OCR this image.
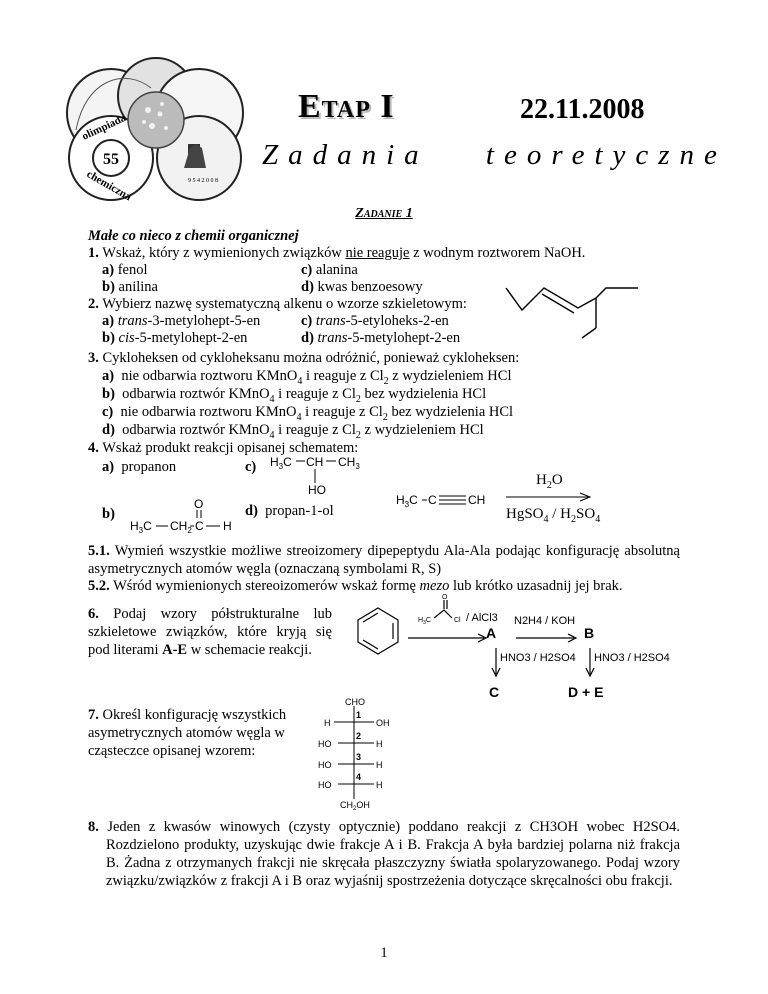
55
olimpiada
chemiczna	9 5 4 2 0 0 8
Etap I	22.11.2008
Zadania teoretyczne
Zadanie 1
Małe co nieco z chemii organicznej
1. Wskaż, który z wymienionych związków nie reaguje z wodnym roztworem NaOH.
a) fenol	c) alanina
b) anilina	d) kwas benzoesowy
2. Wybierz nazwę systematyczną alkenu o wzorze szkieletowym:
a) trans-3-metylohept-5-en	c) trans-5-etyloheks-2-en
b) cis-5-metylohept-2-en	d) trans-5-metylohept-2-en
3. Cykloheksen od cykloheksanu można odróżnić, ponieważ cykloheksen:
a) nie odbarwia roztworu KMnO$_4$ i reaguje z $Cl_2$ z wydzieleniem HCl
b) odbarwia roztwór KMnO$_4$ i reaguje z $Cl_2$ bez wydzielenia HCl
c) nie odbarwia roztworu KMnO$_4$ i reaguje z $Cl_2$ bez wydzielenia HCl
d) odbarwia roztwór KMnO$_4$ i reaguje z $Cl_2$ z wydzieleniem HCl
4. Wskaż produkt reakcji opisanej schematem:
a) propanon	c) $H_3C$ CH $CH_3$
HO
b)
O
$H_3C$ $CH_2$ C H
d) propan-1-ol
$H_3C$ C	CH
$H_2O$
HgSO$_4$ / $H_2SO_4$
5.1. Wymień wszystkie możliwe streoizomery dipepeptydu Ala-Ala podając konfigurację absolutną asymetrycznych atomów węgla (oznaczaną symbolami R, S)
5.2. Wśród wymienionych stereoizomerów wskaż formę mezo lub krótko uzasadnij jej brak.
6. Podaj wzory półstrukturalne lub szkieletowe związków, które kryją się pod literami A-E w schemacie reakcji.
O
$H_3C$	Cl / AlCl3 N2H4 / KOH
A	B
HNO3 / H2SO4 HNO3 / H2SO4
C	D + E
7. Określ konfigurację wszystkich asymetrycznych atomów węgla w cząsteczce opisanej wzorem:
CHO
H	OH
HO	H
HO	H
HO	H
$CH_2OH$
1
2
3
4
8. Jeden z kwasów winowych (czysty optycznie) poddano reakcji z CH3OH wobec H2SO4. Rozdzielono produkty, uzyskując dwie frakcje A i B. Frakcja A była bardziej polarna niż frakcja B. Żadna z otrzymanych frakcji nie skręcała płaszczyzny światła spolaryzowanego. Podaj wzory związku/związków z frakcji A i B oraz wyjaśnij spostrzeżenia dotyczące skręcalności obu frakcji.
1
